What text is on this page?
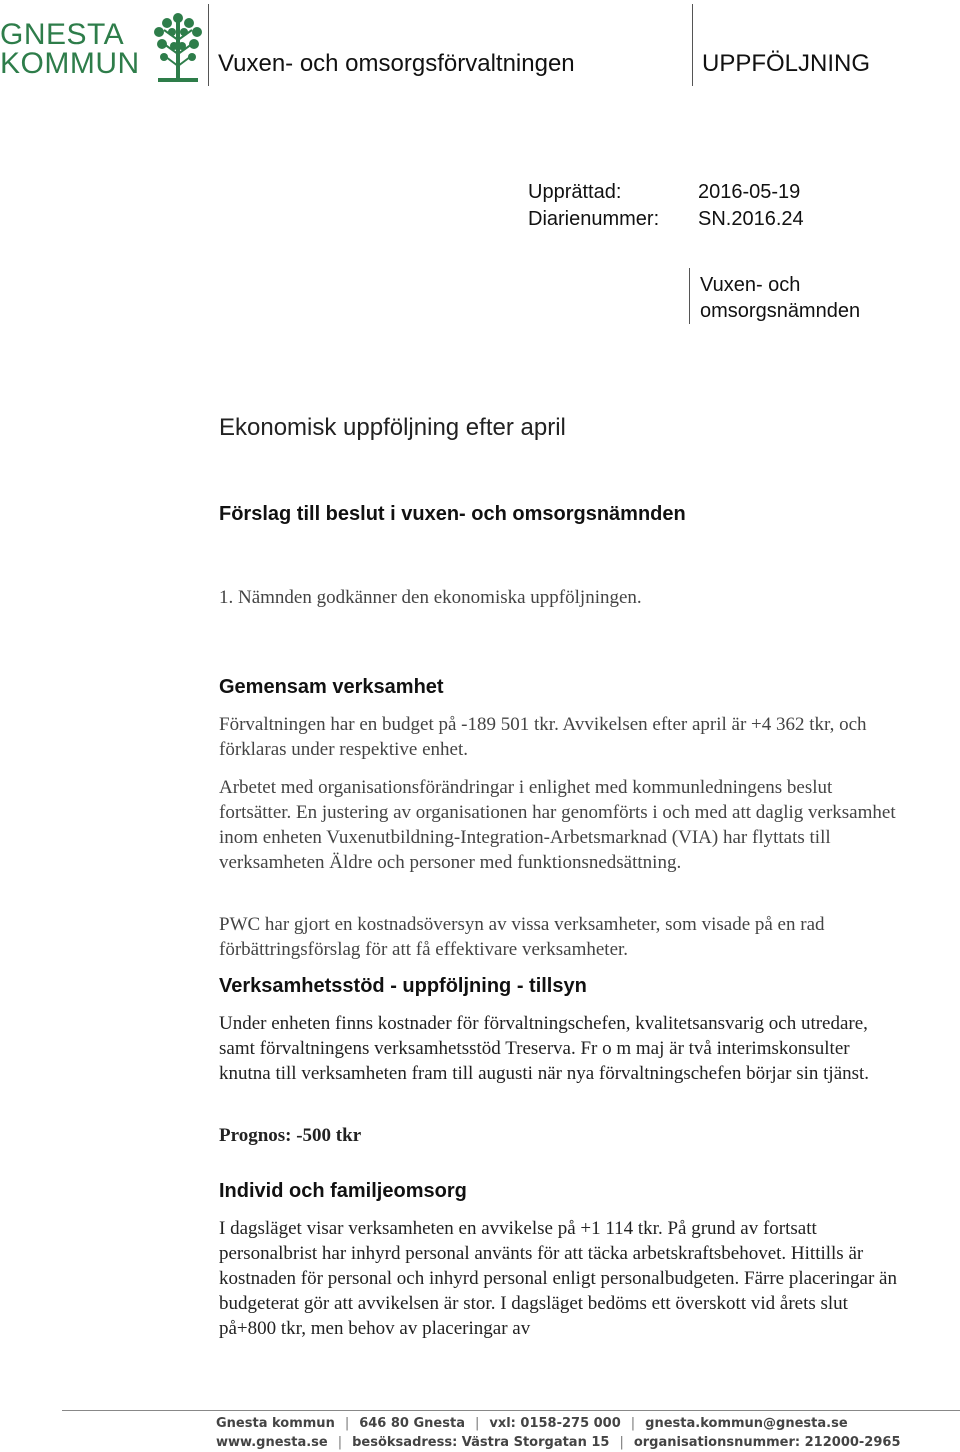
GNESTA
KOMMUN	Vuxen- och omsorgsförvaltningen	UPPFÖLJNING
Upprättad:	2016-05-19
Diarienummer: SN.2016.24
Vuxen- och
omsorgsnämnden
Ekonomisk uppföljning efter april
Förslag till beslut i vuxen- och omsorgsnämnden

1. Nämnden godkänner den ekonomiska uppföljningen.

Gemensam verksamhet

Förvaltningen har en budget på -189 501 tkr. Avvikelsen efter april är +4 362 tkr, och förklaras under respektive enhet.

Arbetet med organisationsförändringar i enlighet med kommunledningens beslut fortsätter. En justering av organisationen har genomförts i och med att daglig verksamhet inom enheten Vuxenutbildning-Integration-Arbetsmarknad (VIA) har flyttats till verksamheten Äldre och personer med funktionsnedsättning.

PWC har gjort en kostnadsöversyn av vissa verksamheter, som visade på en rad förbättringsförslag för att få effektivare verksamheter.

Verksamhetsstöd - uppföljning - tillsyn

Under enheten finns kostnader för förvaltningschefen, kvalitetsansvarig och utredare, samt förvaltningens verksamhetsstöd Treserva. Fr o m maj är två interimskonsulter knutna till verksamheten fram till augusti när nya förvaltningschefen börjar sin tjänst.

Prognos: -500 tkr

Individ och familjeomsorg

I dagsläget visar verksamheten en avvikelse på +1 114 tkr. På grund av fortsatt personalbrist har inhyrd personal använts för att täcka arbetskraftsbehovet. Hittills är kostnaden för personal och inhyrd personal enligt personalbudgeten. Färre placeringar än budgeterat gör att avvikelsen är stor. I dagsläget bedöms ett överskott vid årets slut på+800 tkr, men behov av placeringar av

Gnesta kommun | 646 80 Gnesta | vxl: 0158-275 000 | gnesta.kommun@gnesta.se
www.gnesta.se | besöksadress: Västra Storgatan 15 | organisationsnummer: 212000-2965
